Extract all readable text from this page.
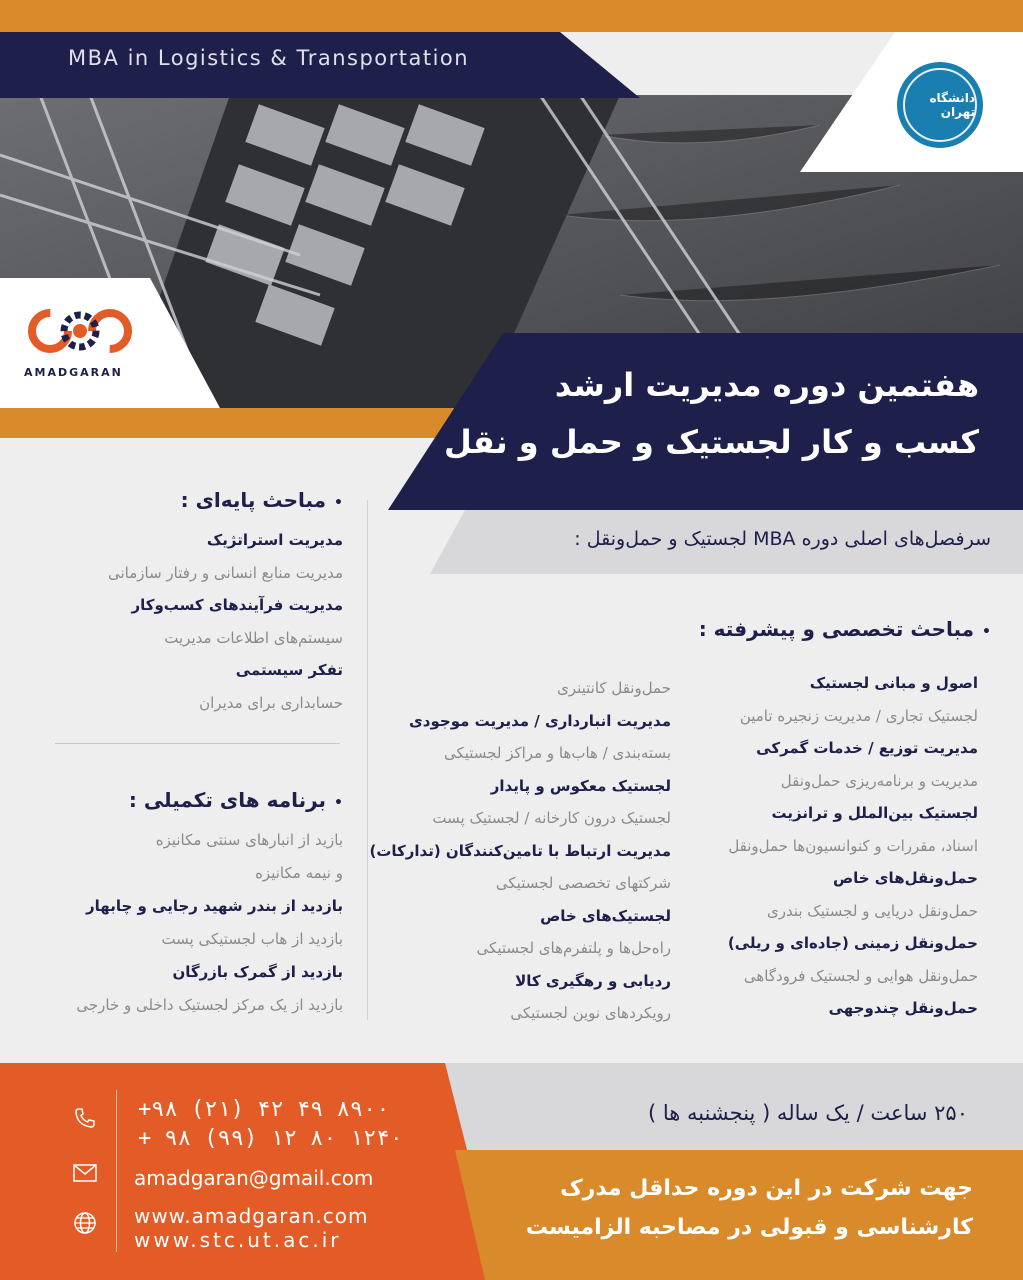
MBA in Logistics & Transportation
دانشگاه تهران
AMADGARAN	هفتمین دوره مدیریت ارشد
کسب و کار لجستیک و حمل و نقل
سرفصل‌های اصلی دوره MBA لجستیک و حمل‌ونقل :
•مباحث پایه‌ای :
مدیریت استراتژیک
مدیریت منابع انسانی و رفتار سازمانی
مدیریت فرآیندهای کسب‌وکار
سیستم‌های اطلاعات مدیریت
تفکر سیستمی
حسابداری برای مدیران
•برنامه های تکمیلی :
بازید از انبارهای سنتی مکانیزه
و نیمه مکانیزه
بازدید از بندر شهید رجایی و چابهار
بازدید از هاب لجستیکی پست
بازدید از گمرک بازرگان
بازدید از یک مرکز لجستیک داخلی و خارجی
•مباحث تخصصی و پیشرفته :
اصول و مبانی لجستیک
لجستیک تجاری / مدیریت زنجیره تامین
مدیریت توزیع / خدمات گمرکی
مدیریت و برنامه‌ریزی حمل‌ونقل
لجستیک بین‌الملل و ترانزیت
اسناد، مقررات و کنوانسیون‌ها حمل‌ونقل
حمل‌ونقل‌های خاص
حمل‌ونقل دریایی و لجستیک بندری
حمل‌ونقل زمینی (جاده‌ای و ریلی)
حمل‌ونقل هوایی و لجستیک فرودگاهی
حمل‌ونقل چندوجهی
حمل‌ونقل کانتینری
مدیریت انبارداری / مدیریت موجودی
بسته‌بندی / هاب‌ها و مراکز لجستیکی
لجستیک معکوس و پایدار
لجستیک درون کارخانه / لجستیک پست
مدیریت ارتباط با تامین‌کنندگان (تدارکات)
شرکتهای تخصصی لجستیکی
لجستیک‌های خاص
راه‌حل‌ها و پلتفرم‌های لجستیکی
ردیابی و رهگیری کالا
رویکردهای نوین لجستیکی
+۹۸ (۲۱) ۴۲ ۴۹ ۸۹۰۰
+ ۹۸ (۹۹) ۱۲ ۸۰ ۱۲۴۰
amadgaran@gmail.com
www.amadgaran.com
www.stc.ut.ac.ir
۲۵۰ ساعت / یک ساله ( پنجشنبه ها )
جهت شرکت در این دوره حداقل مدرک
کارشناسی و قبولی در مصاحبه الزامیست
